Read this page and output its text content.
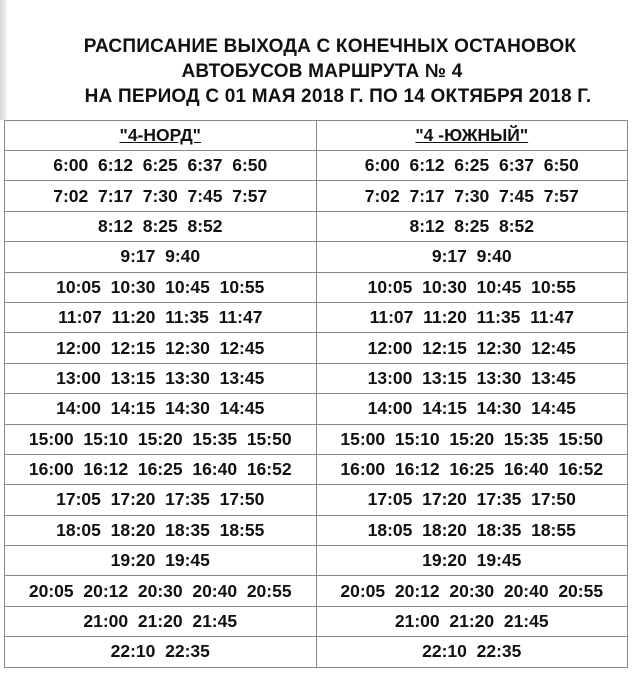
РАСПИСАНИЕ ВЫХОДА С КОНЕЧНЫХ ОСТАНОВОК
АВТОБУСОВ МАРШРУТА № 4
НА ПЕРИОД С 01 МАЯ 2018 Г. ПО 14 ОКТЯБРЯ 2018 Г.
"4-НОРД"	"4 -ЮЖНЫЙ"
6:00  6:12  6:25  6:37  6:50	6:00  6:12  6:25  6:37  6:50
7:02  7:17  7:30  7:45  7:57	7:02  7:17  7:30  7:45  7:57
8:12  8:25  8:52	8:12  8:25  8:52
9:17  9:40	9:17  9:40
10:05  10:30  10:45  10:55	10:05  10:30  10:45  10:55
11:07  11:20  11:35  11:47	11:07  11:20  11:35  11:47
12:00  12:15  12:30  12:45	12:00  12:15  12:30  12:45
13:00  13:15  13:30  13:45	13:00  13:15  13:30  13:45
14:00  14:15  14:30  14:45	14:00  14:15  14:30  14:45
15:00  15:10  15:20  15:35  15:50	15:00  15:10  15:20  15:35  15:50
16:00  16:12  16:25  16:40  16:52	16:00  16:12  16:25  16:40  16:52
17:05  17:20  17:35  17:50	17:05  17:20  17:35  17:50
18:05  18:20  18:35  18:55	18:05  18:20  18:35  18:55
19:20  19:45	19:20  19:45
20:05  20:12  20:30  20:40  20:55	20:05  20:12  20:30  20:40  20:55
21:00  21:20  21:45	21:00  21:20  21:45
22:10  22:35	22:10  22:35
